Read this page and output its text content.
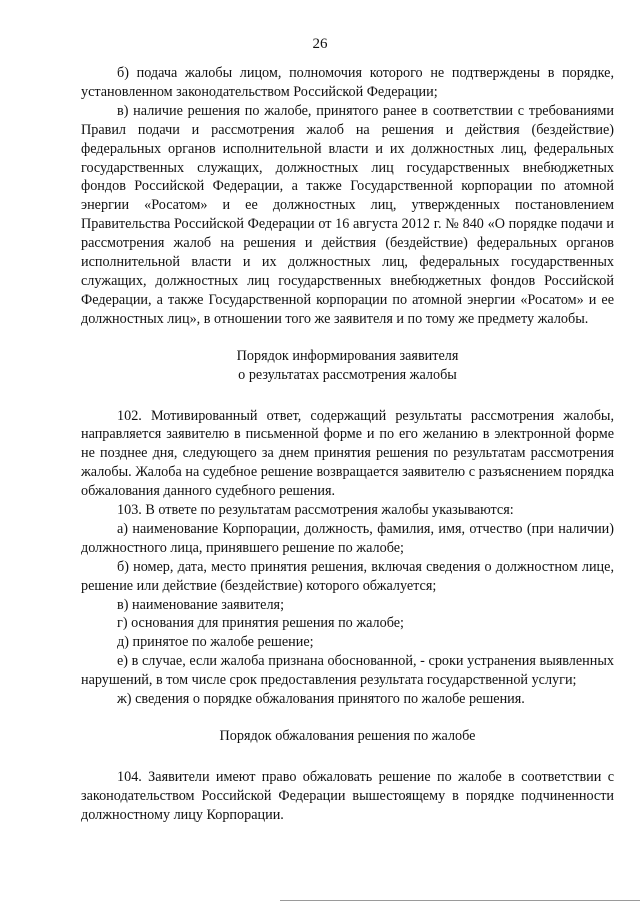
26

б) подача жалобы лицом, полномочия которого не подтверждены в порядке, установленном законодательством Российской Федерации;

в) наличие решения по жалобе, принятого ранее в соответствии с требованиями Правил подачи и рассмотрения жалоб на решения и действия (бездействие) федеральных органов исполнительной власти и их должностных лиц, федеральных государственных служащих, должностных лиц государственных внебюджетных фондов Российской Федерации, а также Государственной корпорации по атомной энергии «Росатом» и ее должностных лиц, утвержденных постановлением Правительства Российской Федерации от 16 августа 2012 г. № 840 «О порядке подачи и рассмотрения жалоб на решения и действия (бездействие) федеральных органов исполнительной власти и их должностных лиц, федеральных государственных служащих, должностных лиц государственных внебюджетных фондов Российской Федерации, а также Государственной корпорации по атомной энергии «Росатом» и ее должностных лиц», в отношении того же заявителя и по тому же предмету жалобы.

Порядок информирования заявителя

о результатах рассмотрения жалобы

102. Мотивированный ответ, содержащий результаты рассмотрения жалобы, направляется заявителю в письменной форме и по его желанию в электронной форме не позднее дня, следующего за днем принятия решения по результатам рассмотрения жалобы. Жалоба на судебное решение возвращается заявителю с разъяснением порядка обжалования данного судебного решения.

103. В ответе по результатам рассмотрения жалобы указываются:

а) наименование Корпорации, должность, фамилия, имя, отчество (при наличии) должностного лица, принявшего решение по жалобе;

б) номер, дата, место принятия решения, включая сведения о должностном лице, решение или действие (бездействие) которого обжалуется;

в) наименование заявителя;

г) основания для принятия решения по жалобе;

д) принятое по жалобе решение;

е) в случае, если жалоба признана обоснованной, - сроки устранения выявленных нарушений, в том числе срок предоставления результата государственной услуги;

ж) сведения о порядке обжалования принятого по жалобе решения.

Порядок обжалования решения по жалобе

104. Заявители имеют право обжаловать решение по жалобе в соответствии с законодательством Российской Федерации вышестоящему в порядке подчиненности должностному лицу Корпорации.
